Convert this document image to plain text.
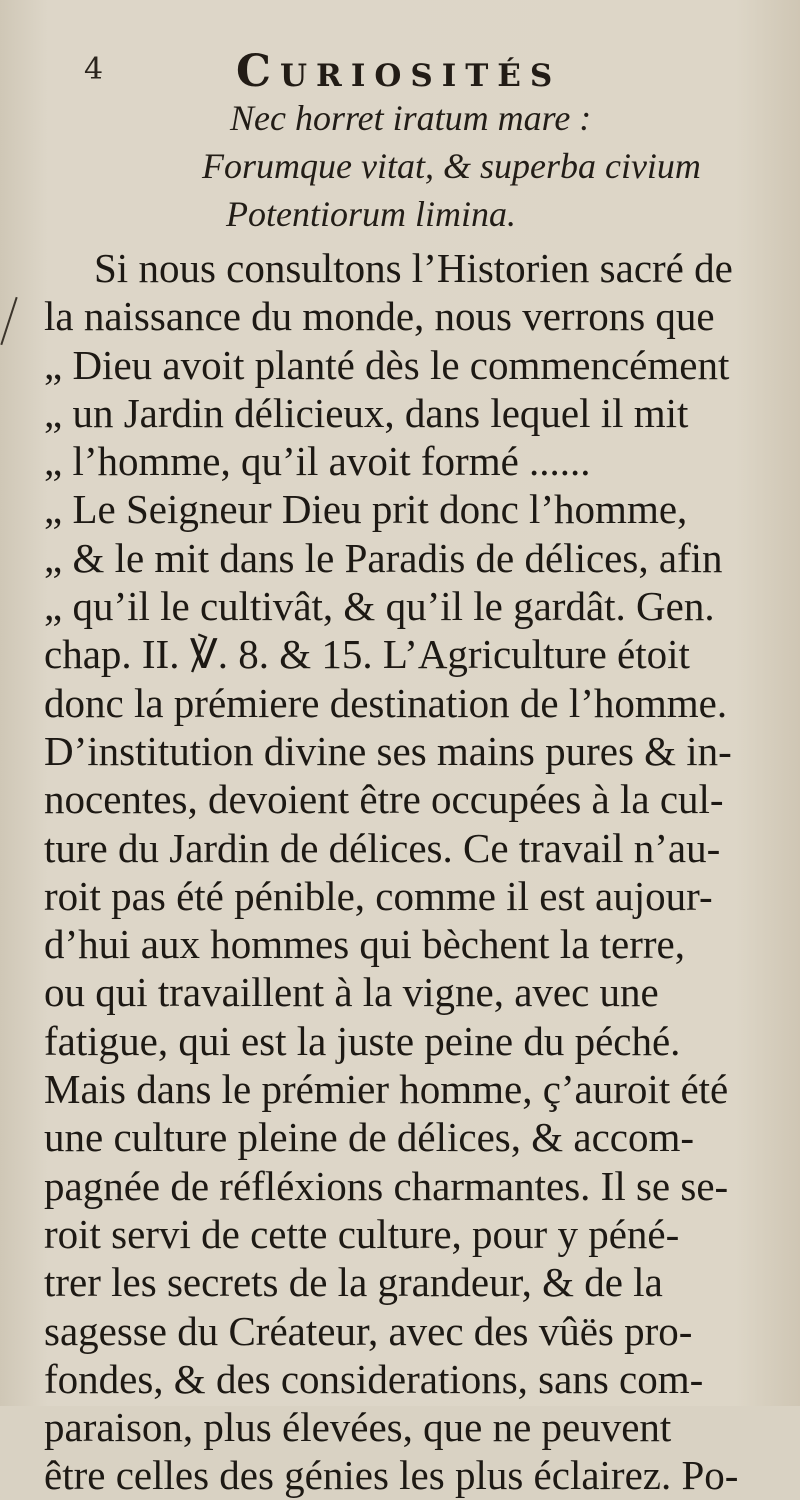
4	Curiosités
Nec horret iratum mare :
Forumque vitat, & superba civium
Potentiorum limina.
Si nous consultons l’Historien sacré de
la naissance du monde, nous verrons que
„ Dieu avoit planté dès le commencément
„ un Jardin délicieux, dans lequel il mit
„ l’homme, qu’il avoit formé ......
„ Le Seigneur Dieu prit donc l’homme,
„ & le mit dans le Paradis de délices, afin
„ qu’il le cultivât, & qu’il le gardât. Gen.
chap. II. ℣. 8. & 15. L’Agriculture étoit
donc la prémiere destination de l’homme.
D’institution divine ses mains pures & in-
nocentes, devoient être occupées à la cul-
ture du Jardin de délices. Ce travail n’au-
roit pas été pénible, comme il est aujour-
d’hui aux hommes qui bèchent la terre,
ou qui travaillent à la vigne, avec une
fatigue, qui est la juste peine du péché.
Mais dans le prémier homme, ç’auroit été
une culture pleine de délices, & accom-
pagnée de réfléxions charmantes. Il se se-
roit servi de cette culture, pour y péné-
trer les secrets de la grandeur, & de la
sagesse du Créateur, avec des vûës pro-
fondes, & des considerations, sans com-
paraison, plus élevées, que ne peuvent
être celles des génies les plus éclairez. Po-
